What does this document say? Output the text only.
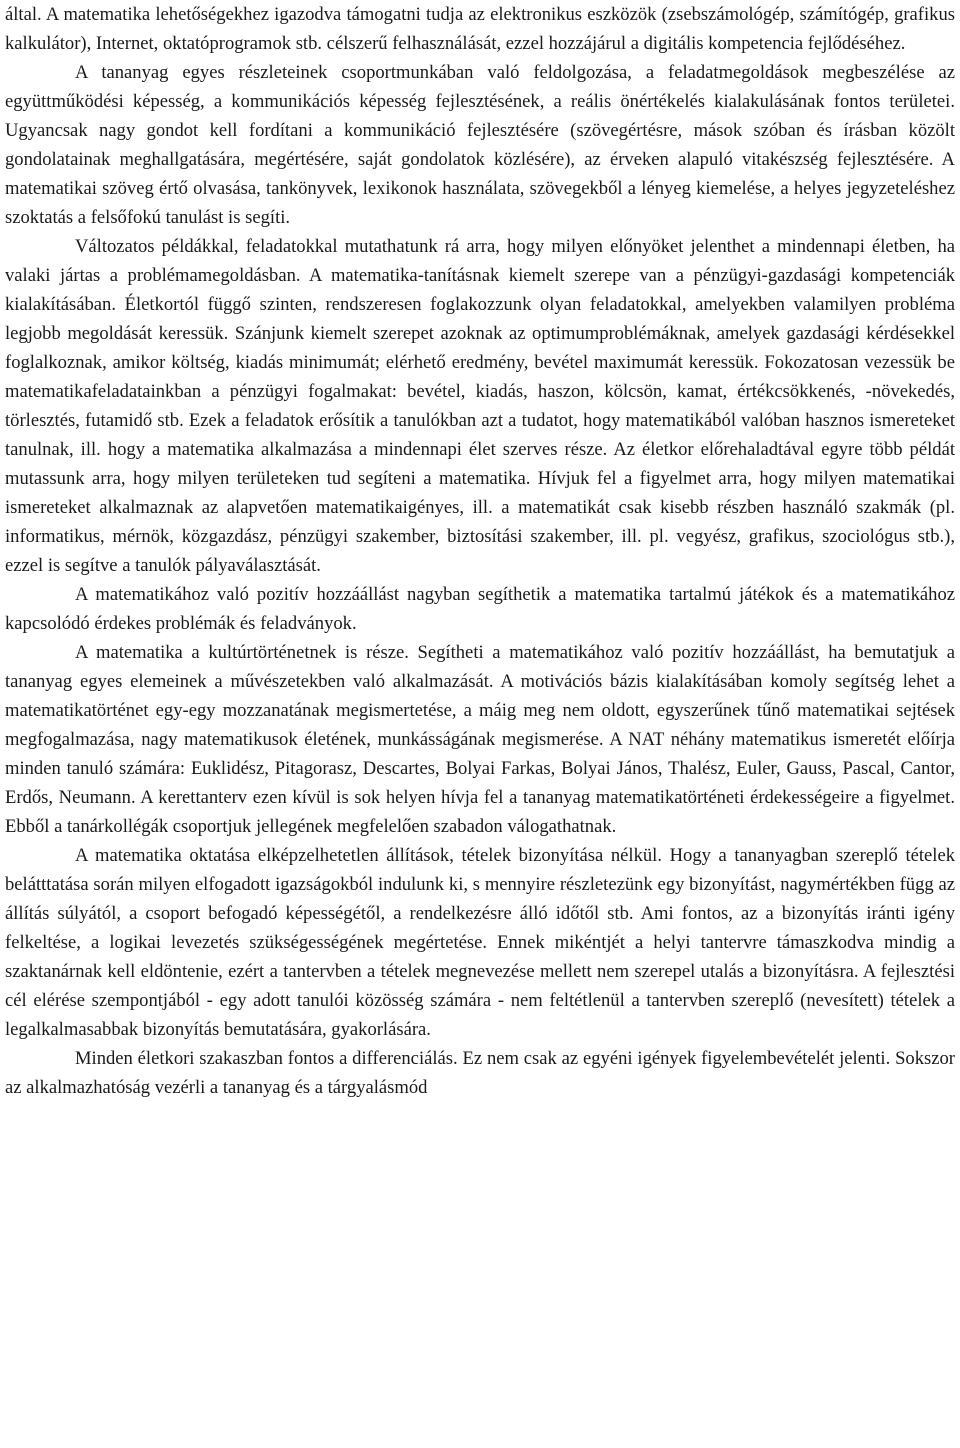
által. A matematika lehetőségekhez igazodva támogatni tudja az elektronikus eszközök (zsebszámológép, számítógép, grafikus kalkulátor), Internet, oktatóprogramok stb. célszerű felhasználását, ezzel hozzájárul a digitális kompetencia fejlődéséhez.

A tananyag egyes részleteinek csoportmunkában való feldolgozása, a feladatmegoldások megbeszélése az együttműködési képesség, a kommunikációs képesség fejlesztésének, a reális önértékelés kialakulásának fontos területei. Ugyancsak nagy gondot kell fordítani a kommunikáció fejlesztésére (szövegértésre, mások szóban és írásban közölt gondolatainak meghallgatására, megértésére, saját gondolatok közlésére), az érveken alapuló vitakészség fejlesztésére. A matematikai szöveg értő olvasása, tankönyvek, lexikonok használata, szövegekből a lényeg kiemelése, a helyes jegyzeteléshez szoktatás a felsőfokú tanulást is segíti.

Változatos példákkal, feladatokkal mutathatunk rá arra, hogy milyen előnyöket jelenthet a mindennapi életben, ha valaki jártas a problémamegoldásban. A matematika-tanításnak kiemelt szerepe van a pénzügyi-gazdasági kompetenciák kialakításában. Életkortól függő szinten, rendszeresen foglakozzunk olyan feladatokkal, amelyekben valamilyen probléma legjobb megoldását keressük. Szánjunk kiemelt szerepet azoknak az optimumproblémáknak, amelyek gazdasági kérdésekkel foglalkoznak, amikor költség, kiadás minimumát; elérhető eredmény, bevétel maximumát keressük. Fokozatosan vezessük be matematikafeladatainkban a pénzügyi fogalmakat: bevétel, kiadás, haszon, kölcsön, kamat, értékcsökkenés, -növekedés, törlesztés, futamidő stb. Ezek a feladatok erősítik a tanulókban azt a tudatot, hogy matematikából valóban hasznos ismereteket tanulnak, ill. hogy a matematika alkalmazása a mindennapi élet szerves része. Az életkor előrehaladtával egyre több példát mutassunk arra, hogy milyen területeken tud segíteni a matematika. Hívjuk fel a figyelmet arra, hogy milyen matematikai ismereteket alkalmaznak az alapvetően matematikaigényes, ill. a matematikát csak kisebb részben használó szakmák (pl. informatikus, mérnök, közgazdász, pénzügyi szakember, biztosítási szakember, ill. pl. vegyész, grafikus, szociológus stb.), ezzel is segítve a tanulók pályaválasztását.

A matematikához való pozitív hozzáállást nagyban segíthetik a matematika tartalmú játékok és a matematikához kapcsolódó érdekes problémák és feladványok.

A matematika a kultúrtörténetnek is része. Segítheti a matematikához való pozitív hozzáállást, ha bemutatjuk a tananyag egyes elemeinek a művészetekben való alkalmazását. A motivációs bázis kialakításában komoly segítség lehet a matematikatörténet egy-egy mozzanatának megismertetése, a máig meg nem oldott, egyszerűnek tűnő matematikai sejtések megfogalmazása, nagy matematikusok életének, munkásságának megismerése. A NAT néhány matematikus ismeretét előírja minden tanuló számára: Euklidész, Pitagorasz, Descartes, Bolyai Farkas, Bolyai János, Thalész, Euler, Gauss, Pascal, Cantor, Erdős, Neumann. A kerettanterv ezen kívül is sok helyen hívja fel a tananyag matematikatörténeti érdekességeire a figyelmet. Ebből a tanárkollégák csoportjuk jellegének megfelelően szabadon válogathatnak.

A matematika oktatása elképzelhetetlen állítások, tételek bizonyítása nélkül. Hogy a tananyagban szereplő tételek belátttatása során milyen elfogadott igazságokból indulunk ki, s mennyire részletezünk egy bizonyítást, nagymértékben függ az állítás súlyától, a csoport befogadó képességétől, a rendelkezésre álló időtől stb. Ami fontos, az a bizonyítás iránti igény felkeltése, a logikai levezetés szükségességének megértetése. Ennek mikéntjét a helyi tantervre támaszkodva mindig a szaktanárnak kell eldöntenie, ezért a tantervben a tételek megnevezése mellett nem szerepel utalás a bizonyításra. A fejlesztési cél elérése szempontjából - egy adott tanulói közösség számára - nem feltétlenül a tantervben szereplő (nevesített) tételek a legalkalmasabbak bizonyítás bemutatására, gyakorlására.

Minden életkori szakaszban fontos a differenciálás. Ez nem csak az egyéni igények figyelembevételét jelenti. Sokszor az alkalmazhatóság vezérli a tananyag és a tárgyalásmód
